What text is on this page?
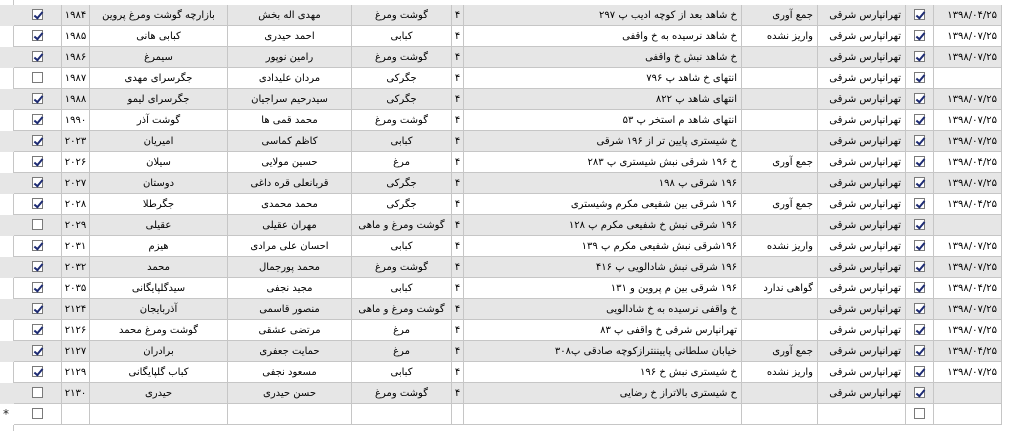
۱۹۸۴	بازارچه گوشت ومرغ پروین	مهدی اله بخش	گوشت ومرغ	۴	خ شاهد بعد از کوچه ادیب پ ۲۹۷	جمع آوری	تهرانپارس شرقی	۱۳۹۸/۰۴/۲۵
۱۹۸۵	کبابی هانی	احمد حیدری	کبابی	۴	خ شاهد نرسیده به خ واقفی	واریز نشده	تهرانپارس شرقی	۱۳۹۸/۰۷/۲۵
۱۹۸۶	سیمرغ	رامین نوپور	گوشت ومرغ	۴	خ شاهد نبش خ واقفی	تهرانپارس شرقی	۱۳۹۸/۰۷/۲۵
۱۹۸۷	جگرسرای مهدی	مردان علیدادی	جگرکی	۴	انتهای خ شاهد پ ۷۹۶	تهرانپارس شرقی
۱۹۸۸	جگرسرای لیمو	سیدرحیم سراجیان	جگرکی	۴	انتهای شاهد پ ۸۲۲	تهرانپارس شرقی	۱۳۹۸/۰۷/۲۵
۱۹۹۰	گوشت آذر	محمد قمی ها	گوشت ومرغ	۴	انتهای شاهد م استخر پ ۵۳	تهرانپارس شرقی	۱۳۹۸/۰۷/۲۵
۲۰۲۳	امیریان	کاظم کماسی	کبابی	۴	خ شیستری پایین تر از ۱۹۶ شرقی	تهرانپارس شرقی	۱۳۹۸/۰۷/۲۵
۲۰۲۶	سیلان	حسین مولایی	مرغ	۴	خ ۱۹۶ شرقی نبش شیستری پ ۲۸۳	جمع آوری	تهرانپارس شرقی	۱۳۹۸/۰۴/۲۵
۲۰۲۷	دوستان	قربانعلی قره داغی	جگرکی	۴	۱۹۶ شرقی پ ۱۹۸	تهرانپارس شرقی	۱۳۹۸/۰۷/۲۵
۲۰۲۸	جگرطلا	محمد محمدی	جگرکی	۴	۱۹۶ شرقی بین شفیعی مکرم وشیستری	جمع آوری	تهرانپارس شرقی	۱۳۹۸/۰۴/۲۵
۲۰۲۹	عقیلی	مهران عقیلی	گوشت ومرغ و ماهی	۴	۱۹۶ شرقی نبش خ شفیعی مکرم پ ۱۲۸	تهرانپارس شرقی
۲۰۳۱	هیزم	احسان علی مرادی	کبابی	۴	۱۹۶شرقی نبش شفیعی مکرم پ ۱۳۹	واریز نشده	تهرانپارس شرقی	۱۳۹۸/۰۷/۲۵
۲۰۳۲	محمد	محمد پورجمال	گوشت ومرغ	۴	۱۹۶ شرقی نبش شادالویی پ ۴۱۶	تهرانپارس شرقی	۱۳۹۸/۰۷/۲۵
۲۰۳۵	سیدگلپایگانی	مجید نجفی	کبابی	۴	۱۹۶ شرقی بین م پروین و ۱۳۱	گواهی ندارد	تهرانپارس شرقی	۱۳۹۸/۰۴/۲۵
۲۱۲۴	آذربایجان	منصور قاسمی	گوشت ومرغ و ماهی	۴	خ واقفی نرسیده به خ شادالویی	تهرانپارس شرقی	۱۳۹۸/۰۷/۲۵
۲۱۲۶	گوشت ومرغ محمد	مرتضی عشقی	مرغ	۴	تهرانپارس شرقی خ واقفی پ ۸۳	تهرانپارس شرقی	۱۳۹۸/۰۷/۲۵
۲۱۲۷	برادران	حمایت جعفری	مرغ	۴	خیابان سلطانی پاییننترازکوچه صادقی پ۳۰۸	جمع آوری	تهرانپارس شرقی	۱۳۹۸/۰۴/۲۵
۲۱۲۹	کباب گلپایگانی	مسعود نجفی	کبابی	۴	خ شیستری نبش خ ۱۹۶	واریز نشده	تهرانپارس شرقی	۱۳۹۸/۰۷/۲۵
۲۱۳۰	حیدری	حسن حیدری	گوشت ومرغ	۴	ح شیستری بالاتراز خ رضایی	تهرانپارس شرقی
*
